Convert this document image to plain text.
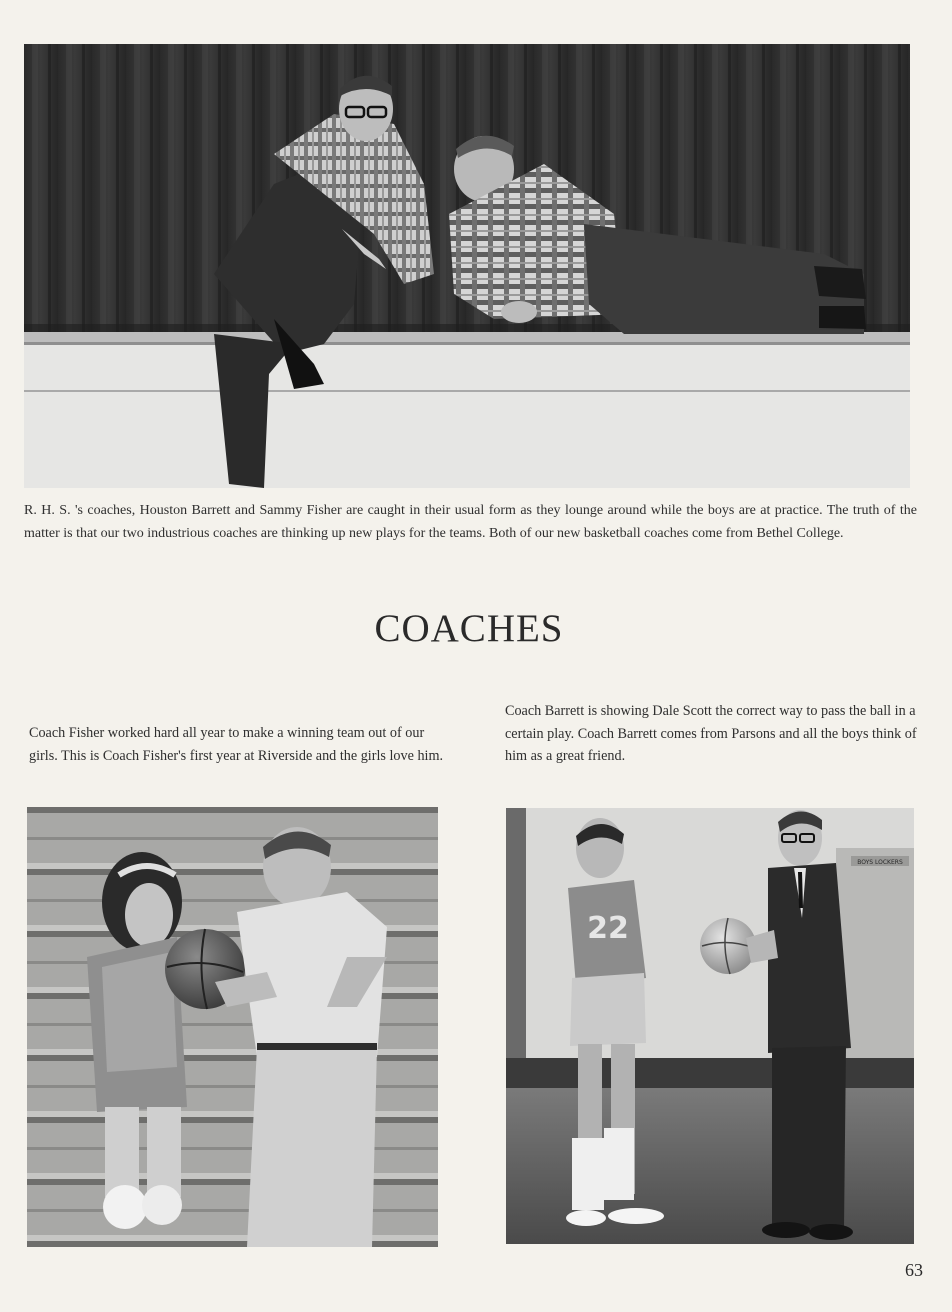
R. H. S. 's coaches, Houston Barrett and Sammy Fisher are caught in their usual form as they lounge around while the boys are at practice. The truth of the matter is that our two industrious coaches are thinking up new plays for the teams. Both of our new basketball coaches come from Bethel College.

COACHES

Coach Barrett is showing Dale Scott the correct way to pass the ball in a certain play. Coach Barrett comes from Parsons and all the boys think of him as a great friend.

Coach Fisher worked hard all year to make a winning team out of our girls. This is Coach Fisher's first year at Riverside and the girls love him.

BOYS LOCKERS
22
63
